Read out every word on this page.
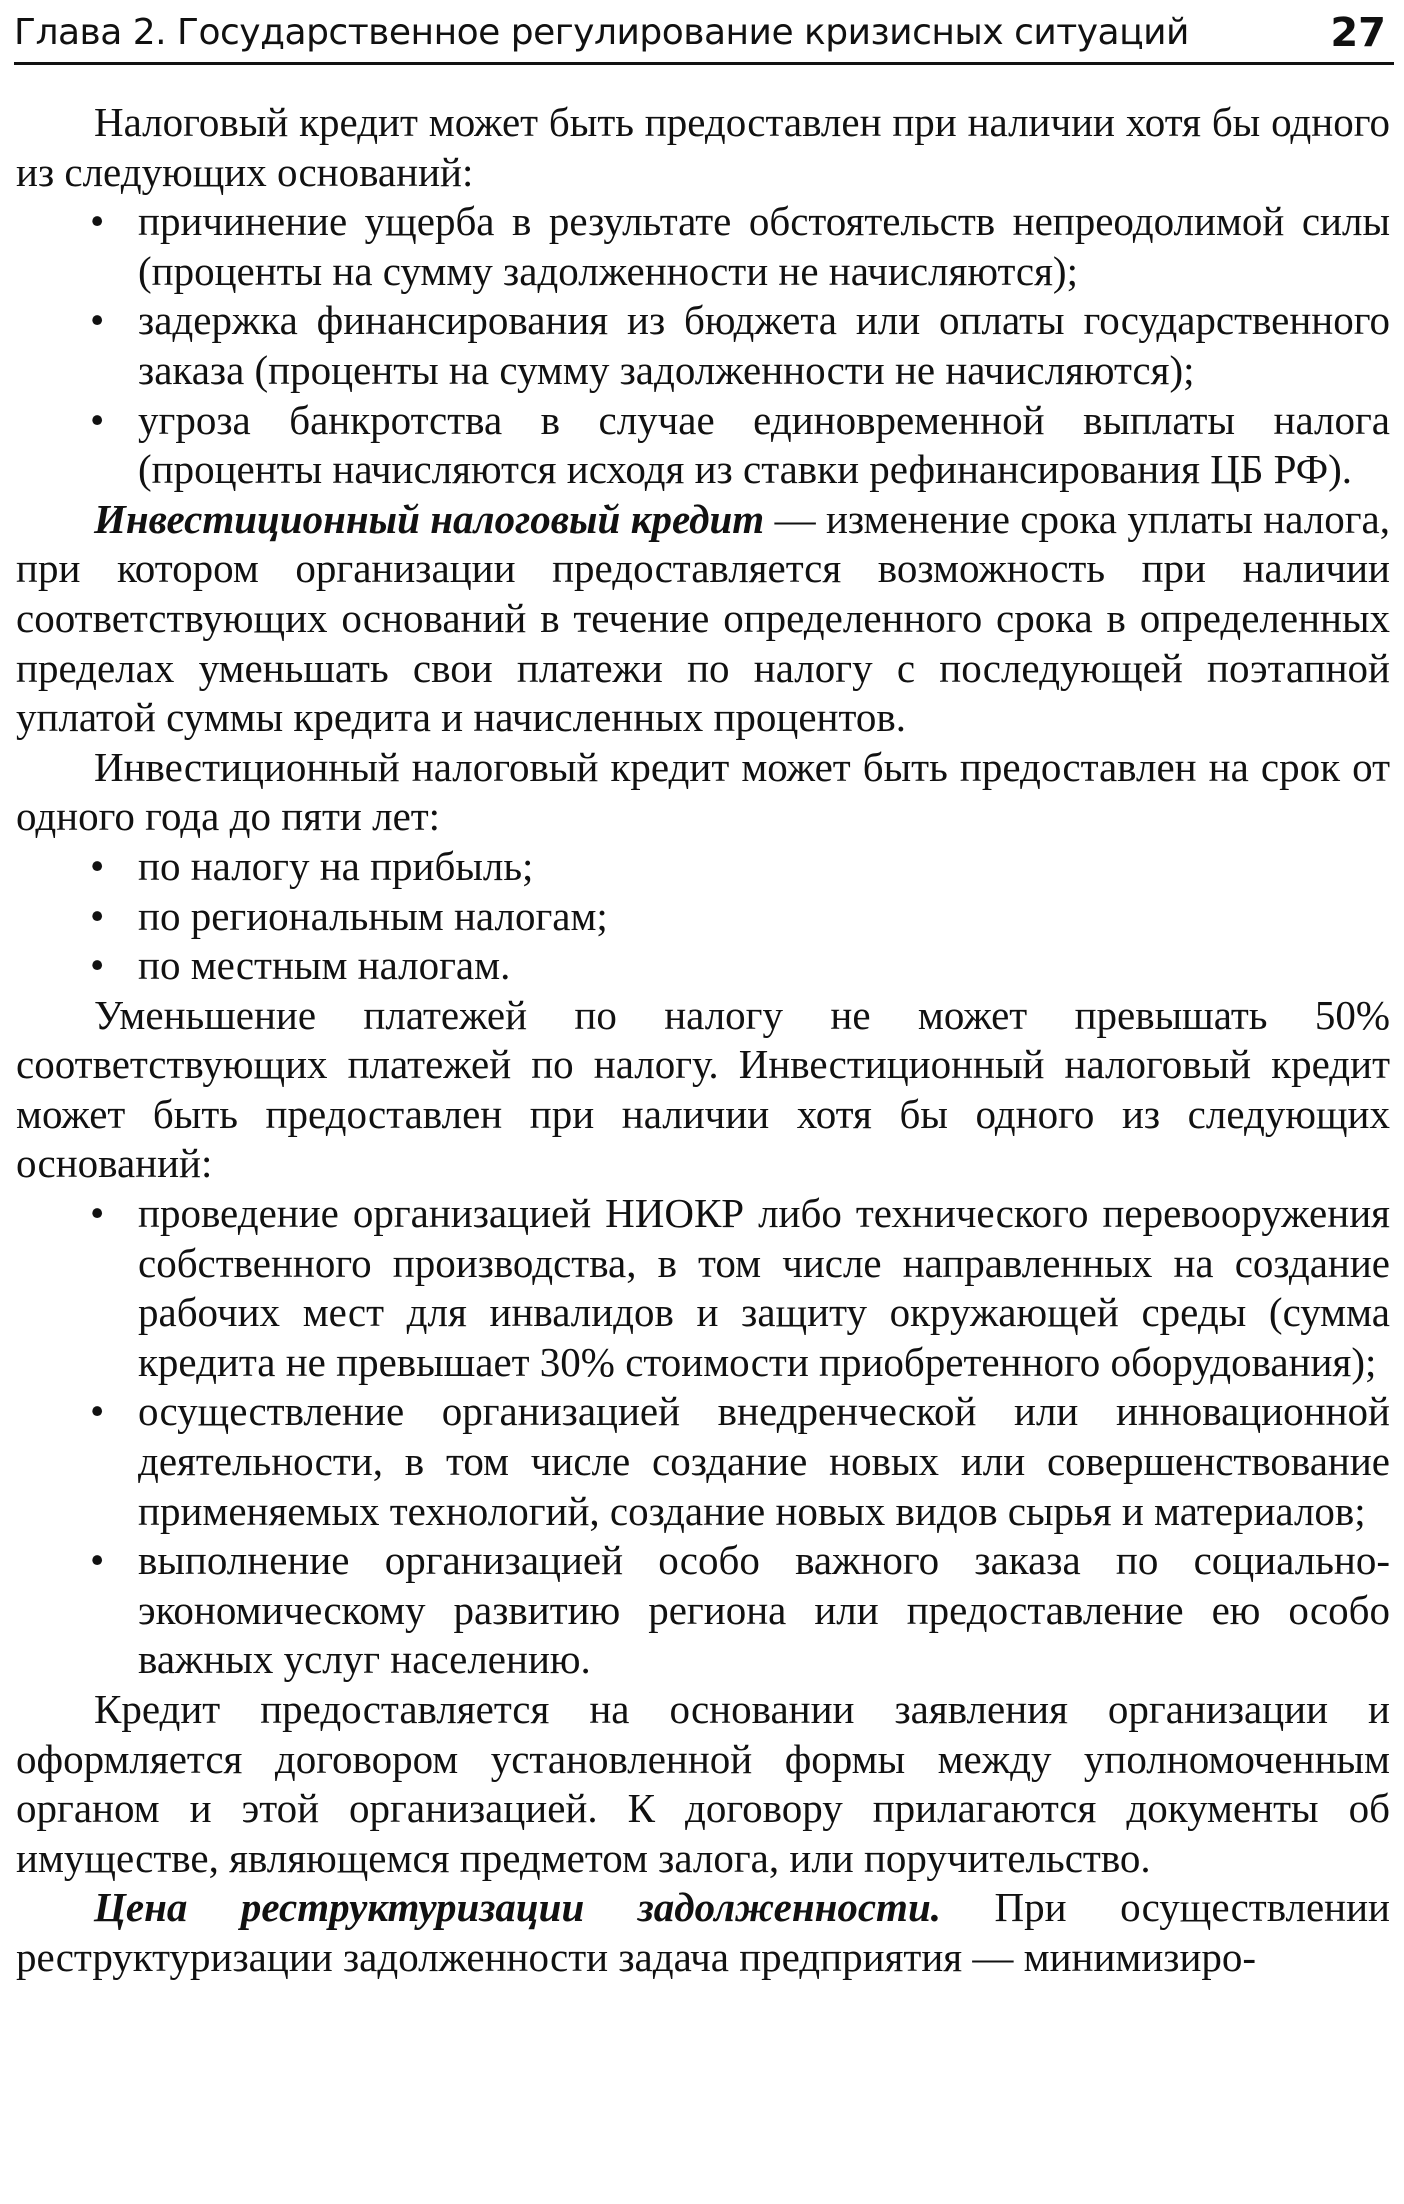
Глава 2. Государственное регулирование кризисных ситуаций	27

Налоговый кредит может быть предоставлен при наличии хотя бы одного из следующих оснований:

• причинение ущерба в результате обстоятельств непреодолимой силы (проценты на сумму задолженности не начисляются);
• задержка финансирования из бюджета или оплаты государственного заказа (проценты на сумму задолженности не начисляются);
• угроза банкротства в случае единовременной выплаты налога (проценты начисляются исходя из ставки рефинансирования ЦБ РФ).

Инвестиционный налоговый кредит — изменение срока уплаты налога, при котором организации предоставляется возможность при наличии соответствующих оснований в течение определенного срока в определенных пределах уменьшать свои платежи по налогу с последующей поэтапной уплатой суммы кредита и начисленных процентов.

Инвестиционный налоговый кредит может быть предоставлен на срок от одного года до пяти лет:

• по налогу на прибыль;
• по региональным налогам;
• по местным налогам.

Уменьшение платежей по налогу не может превышать 50% соответствующих платежей по налогу. Инвестиционный налоговый кредит может быть предоставлен при наличии хотя бы одного из следующих оснований:

• проведение организацией НИОКР либо технического перевооружения собственного производства, в том числе направленных на создание рабочих мест для инвалидов и защиту окружающей среды (сумма кредита не превышает 30% стоимости приобретенного оборудования);
• осуществление организацией внедренческой или инновационной деятельности, в том числе создание новых или совершенствование применяемых технологий, создание новых видов сырья и материалов;
• выполнение организацией особо важного заказа по социально-экономическому развитию региона или предоставление ею особо важных услуг населению.

Кредит предоставляется на основании заявления организации и оформляется договором установленной формы между уполномоченным органом и этой организацией. К договору прилагаются документы об имуществе, являющемся предметом залога, или поручительство.

Цена реструктуризации задолженности. При осуществлении реструктуризации задолженности задача предприятия — минимизиро-
